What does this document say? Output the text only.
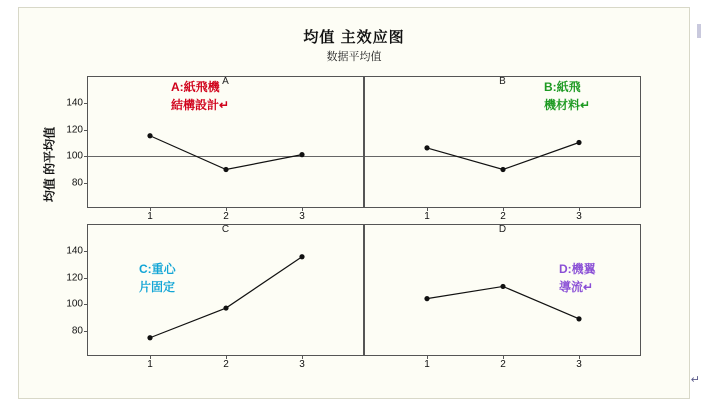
均值 主效应图
数据平均值
均值 的平均值
A
140
120
100
80
1	2	3
B
1	2	3
C
140
120
100
80
1	2	3
D
1	2	3
A:紙飛機
結構設計↵
B:紙飛
機材料↵
C:重心
片固定
D:機翼
導流↵
↵
